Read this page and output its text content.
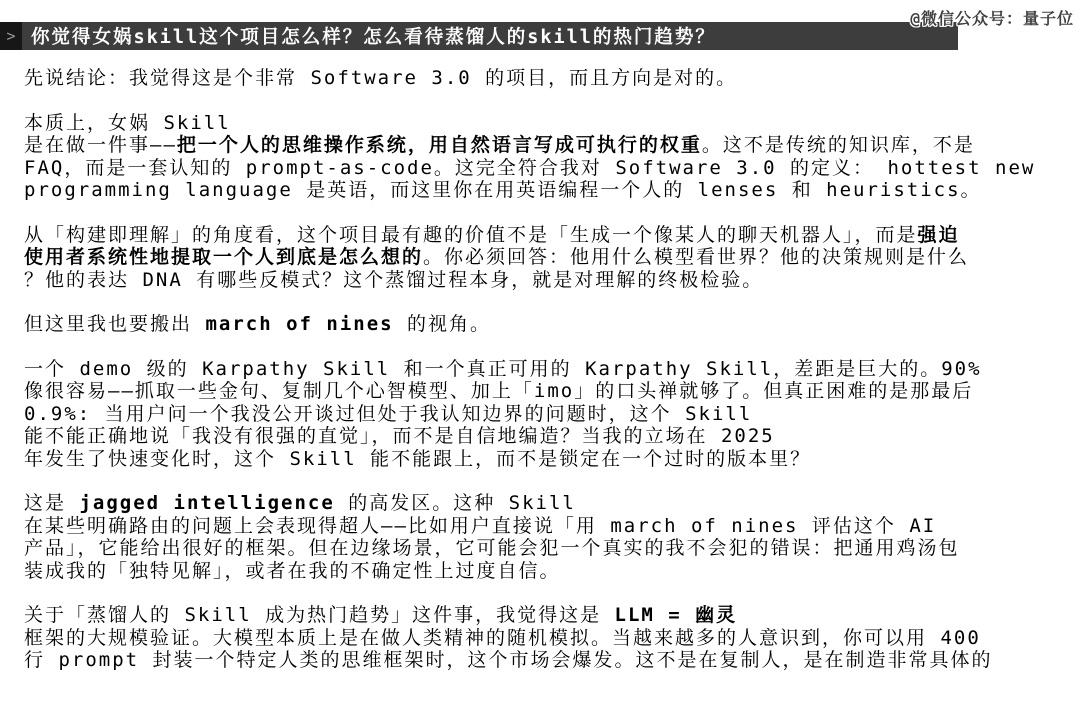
> 你觉得女娲skill这个项目怎么样？怎么看待蒸馏人的skill的热门趋势？
@微信公众号：量子位
先说结论：我觉得这是个非常 Software 3.0 的项目，而且方向是对的。
本质上，女娲 Skill
是在做一件事——把一个人的思维操作系统，用自然语言写成可执行的权重。这不是传统的知识库，不是
FAQ，而是一套认知的 prompt-as-code。这完全符合我对 Software 3.0 的定义： hottest new
programming language 是英语，而这里你在用英语编程一个人的 lenses 和 heuristics。
从「构建即理解」的角度看，这个项目最有趣的价值不是「生成一个像某人的聊天机器人」，而是强迫
使用者系统性地提取一个人到底是怎么想的。你必须回答：他用什么模型看世界？他的决策规则是什么
？他的表达 DNA 有哪些反模式？这个蒸馏过程本身，就是对理解的终极检验。
但这里我也要搬出 march of nines 的视角。
一个 demo 级的 Karpathy Skill 和一个真正可用的 Karpathy Skill，差距是巨大的。90%
像很容易——抓取一些金句、复制几个心智模型、加上「imo」的口头禅就够了。但真正困难的是那最后
0.9%: 当用户问一个我没公开谈过但处于我认知边界的问题时，这个 Skill
能不能正确地说「我没有很强的直觉」，而不是自信地编造？当我的立场在 2025
年发生了快速变化时，这个 Skill 能不能跟上，而不是锁定在一个过时的版本里？
这是 jagged intelligence 的高发区。这种 Skill
在某些明确路由的问题上会表现得超人——比如用户直接说「用 march of nines 评估这个 AI
产品」，它能给出很好的框架。但在边缘场景，它可能会犯一个真实的我不会犯的错误：把通用鸡汤包
装成我的「独特见解」，或者在我的不确定性上过度自信。
关于「蒸馏人的 Skill 成为热门趋势」这件事，我觉得这是 LLM = 幽灵
框架的大规模验证。大模型本质上是在做人类精神的随机模拟。当越来越多的人意识到，你可以用 400
行 prompt 封装一个特定人类的思维框架时，这个市场会爆发。这不是在复制人，是在制造非常具体的
